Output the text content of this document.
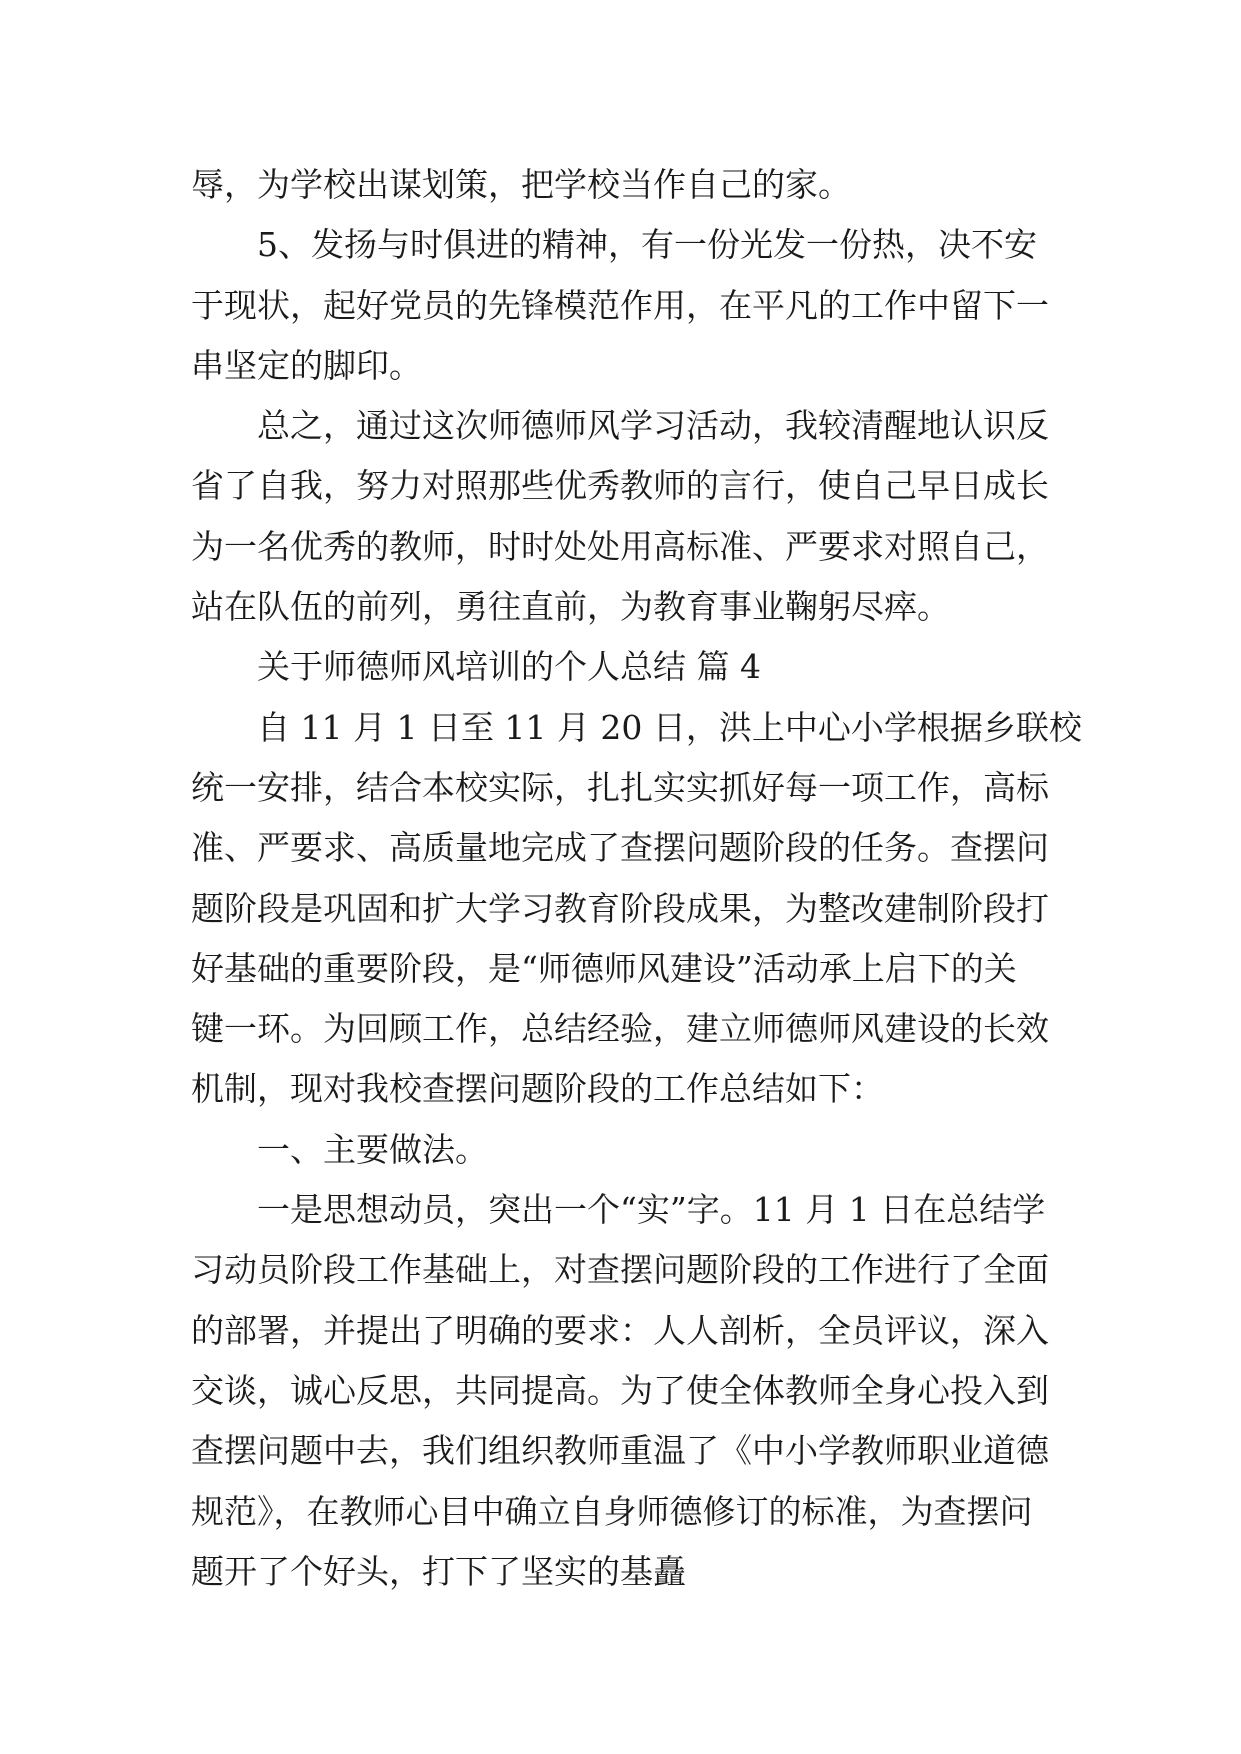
辱，为学校出谋划策，把学校当作自己的家。
5、发扬与时俱进的精神，有一份光发一份热，决不安
于现状，起好党员的先锋模范作用，在平凡的工作中留下一
串坚定的脚印。
总之，通过这次师德师风学习活动，我较清醒地认识反
省了自我，努力对照那些优秀教师的言行，使自己早日成长
为一名优秀的教师，时时处处用高标准、严要求对照自己，
站在队伍的前列，勇往直前，为教育事业鞠躬尽瘁。
关于师德师风培训的个人总结 篇 4
自 11 月 1 日至 11 月 20 日，洪上中心小学根据乡联校
统一安排，结合本校实际，扎扎实实抓好每一项工作，高标
准、严要求、高质量地完成了查摆问题阶段的任务。查摆问
题阶段是巩固和扩大学习教育阶段成果，为整改建制阶段打
好基础的重要阶段，是“师德师风建设”活动承上启下的关
键一环。为回顾工作，总结经验，建立师德师风建设的长效
机制，现对我校查摆问题阶段的工作总结如下：
一、主要做法。
一是思想动员，突出一个“实”字。11 月 1 日在总结学
习动员阶段工作基础上，对查摆问题阶段的工作进行了全面
的部署，并提出了明确的要求：人人剖析，全员评议，深入
交谈，诚心反思，共同提高。为了使全体教师全身心投入到
查摆问题中去，我们组织教师重温了《中小学教师职业道德
规范》，在教师心目中确立自身师德修订的标准，为查摆问
题开了个好头，打下了坚实的基矗
